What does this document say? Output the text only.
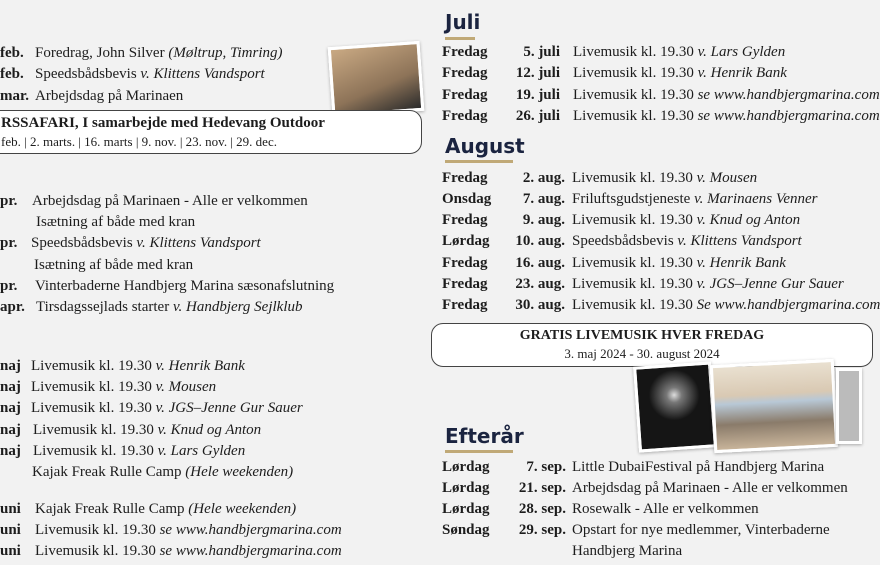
feb. Foredrag, John Silver (Møltrup, Timring)
feb. Speedsbådsbevis v. Klittens Vandsport
mar. Arbejdsdag på Marinaen
pr. Arbejdsdag på Marinaen - Alle er velkommen
Isætning af både med kran
pr. Speedsbådsbevis v. Klittens Vandsport
Isætning af både med kran
pr. Vinterbaderne Handbjerg Marina sæsonafslutning
apr. Tirsdagssejlads starter v. Handbjerg Sejlklub
naj Livemusik kl. 19.30 v. Henrik Bank
naj Livemusik kl. 19.30 v. Mousen
naj Livemusik kl. 19.30 v. JGS–Jenne Gur Sauer
naj Livemusik kl. 19.30 v. Knud og Anton
naj Livemusik kl. 19.30 v. Lars Gylden
Kajak Freak Rulle Camp (Hele weekenden)
uni Kajak Freak Rulle Camp (Hele weekenden)
uni Livemusik kl. 19.30 se www.handbjergmarina.com
uni Livemusik kl. 19.30 se www.handbjergmarina.com
Fredag 5. juli Livemusik kl. 19.30 v. Lars Gylden
Fredag 12. juli Livemusik kl. 19.30 v. Henrik Bank
Fredag 19. juli Livemusik kl. 19.30 se www.handbjergmarina.com
Fredag 26. juli Livemusik kl. 19.30 se www.handbjergmarina.com
Fredag 2. aug. Livemusik kl. 19.30 v. Mousen
Onsdag 7. aug. Friluftsgudstjeneste v. Marinaens Venner
Fredag 9. aug. Livemusik kl. 19.30 v. Knud og Anton
Lørdag 10. aug. Speedsbådsbevis v. Klittens Vandsport
Fredag 16. aug. Livemusik kl. 19.30 v. Henrik Bank
Fredag 23. aug. Livemusik kl. 19.30 v. JGS–Jenne Gur Sauer
Fredag 30. aug. Livemusik kl. 19.30 Se www.handbjergmarina.com
Lørdag 7. sep. Little DubaiFestival på Handbjerg Marina
Lørdag 21. sep. Arbejdsdag på Marinaen - Alle er velkommen
Lørdag 28. sep. Rosewalk - Alle er velkommen
Søndag 29. sep. Opstart for nye medlemmer, Vinterbaderne
Handbjerg Marina
RSSAFARI, I samarbejde med Hedevang Outdoor
feb. | 2. marts. | 16. marts | 9. nov. | 23. nov. | 29. dec.
Juli
August
GRATIS LIVEMUSIK HVER FREDAG
3. maj 2024 - 30. august 2024
Efterår
